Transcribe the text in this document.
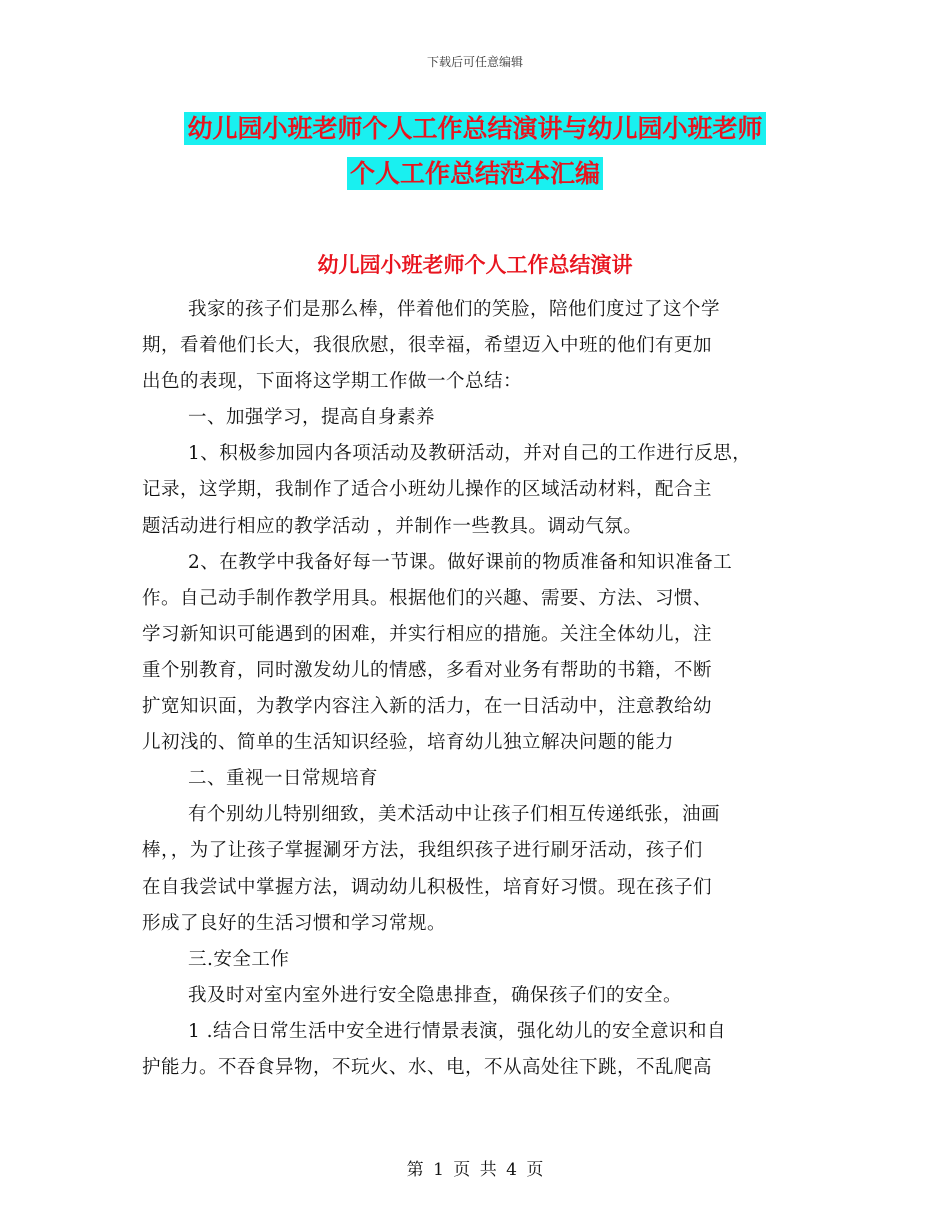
下载后可任意编辑
幼儿园小班老师个人工作总结演讲与幼儿园小班老师
个人工作总结范本汇编
幼儿园小班老师个人工作总结演讲
我家的孩子们是那么棒，伴着他们的笑脸，陪他们度过了这个学
期，看着他们长大，我很欣慰，很幸福，希望迈入中班的他们有更加
出色的表现，下面将这学期工作做一个总结：
一、加强学习，提高自身素养
1、积极参加园内各项活动及教研活动，并对自己的工作进行反思，
记录，这学期，我制作了适合小班幼儿操作的区域活动材料，配合主
题活动进行相应的教学活动 ，并制作一些教具。调动气氛。
2、在教学中我备好每一节课。做好课前的物质准备和知识准备工
作。自己动手制作教学用具。根据他们的兴趣、需要、方法、习惯、
学习新知识可能遇到的困难，并实行相应的措施。关注全体幼儿，注
重个别教育，同时激发幼儿的情感，多看对业务有帮助的书籍，不断
扩宽知识面，为教学内容注入新的活力，在一日活动中，注意教给幼
儿初浅的、简单的生活知识经验，培育幼儿独立解决问题的能力
二、重视一日常规培育
有个别幼儿特别细致，美术活动中让孩子们相互传递纸张，油画
棒，，为了让孩子掌握涮牙方法，我组织孩子进行刷牙活动，孩子们
在自我尝试中掌握方法，调动幼儿积极性，培育好习惯。现在孩子们
形成了良好的生活习惯和学习常规。
三.安全工作
我及时对室内室外进行安全隐患排查，确保孩子们的安全。
1 .结合日常生活中安全进行情景表演，强化幼儿的安全意识和自
护能力。不吞食异物，不玩火、水、电，不从高处往下跳，不乱爬高
第 1 页 共 4 页
